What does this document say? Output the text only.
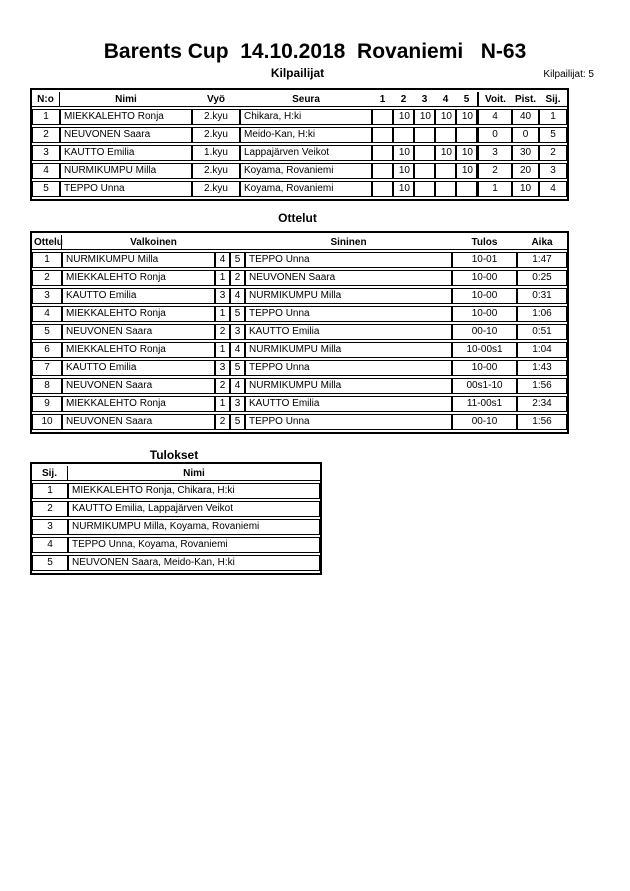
Barents Cup  14.10.2018  Rovaniemi   N-63
Kilpailijat	Kilpailijat: 5
N:o	Nimi	Vyö	Seura	1	2	3	4	5	Voit.	Pist.	Sij.
1	MIEKKALEHTO Ronja	2.kyu	Chikara, H:ki		10	10	10	10	4	40	1
2	NEUVONEN Saara	2.kyu	Meido-Kan, H:ki						0	0	5
3	KAUTTO Emilia	1.kyu	Lappajärven Veikot		10		10	10	3	30	2
4	NURMIKUMPU Milla	2.kyu	Koyama, Rovaniemi		10			10	2	20	3
5	TEPPO Unna	2.kyu	Koyama, Rovaniemi		10				1	10	4
Ottelut
Ottelu	Valkoinen			Sininen	Tulos	Aika
1	NURMIKUMPU Milla	4	5	TEPPO Unna	10-01	1:47
2	MIEKKALEHTO Ronja	1	2	NEUVONEN Saara	10-00	0:25
3	KAUTTO Emilia	3	4	NURMIKUMPU Milla	10-00	0:31
4	MIEKKALEHTO Ronja	1	5	TEPPO Unna	10-00	1:06
5	NEUVONEN Saara	2	3	KAUTTO Emilia	00-10	0:51
6	MIEKKALEHTO Ronja	1	4	NURMIKUMPU Milla	10-00s1	1:04
7	KAUTTO Emilia	3	5	TEPPO Unna	10-00	1:43
8	NEUVONEN Saara	2	4	NURMIKUMPU Milla	00s1-10	1:56
9	MIEKKALEHTO Ronja	1	3	KAUTTO Emilia	11-00s1	2:34
10	NEUVONEN Saara	2	5	TEPPO Unna	00-10	1:56
Tulokset
Sij.	Nimi
1	MIEKKALEHTO Ronja, Chikara, H:ki
2	KAUTTO Emilia, Lappajärven Veikot
3	NURMIKUMPU Milla, Koyama, Rovaniemi
4	TEPPO Unna, Koyama, Rovaniemi
5	NEUVONEN Saara, Meido-Kan, H:ki
